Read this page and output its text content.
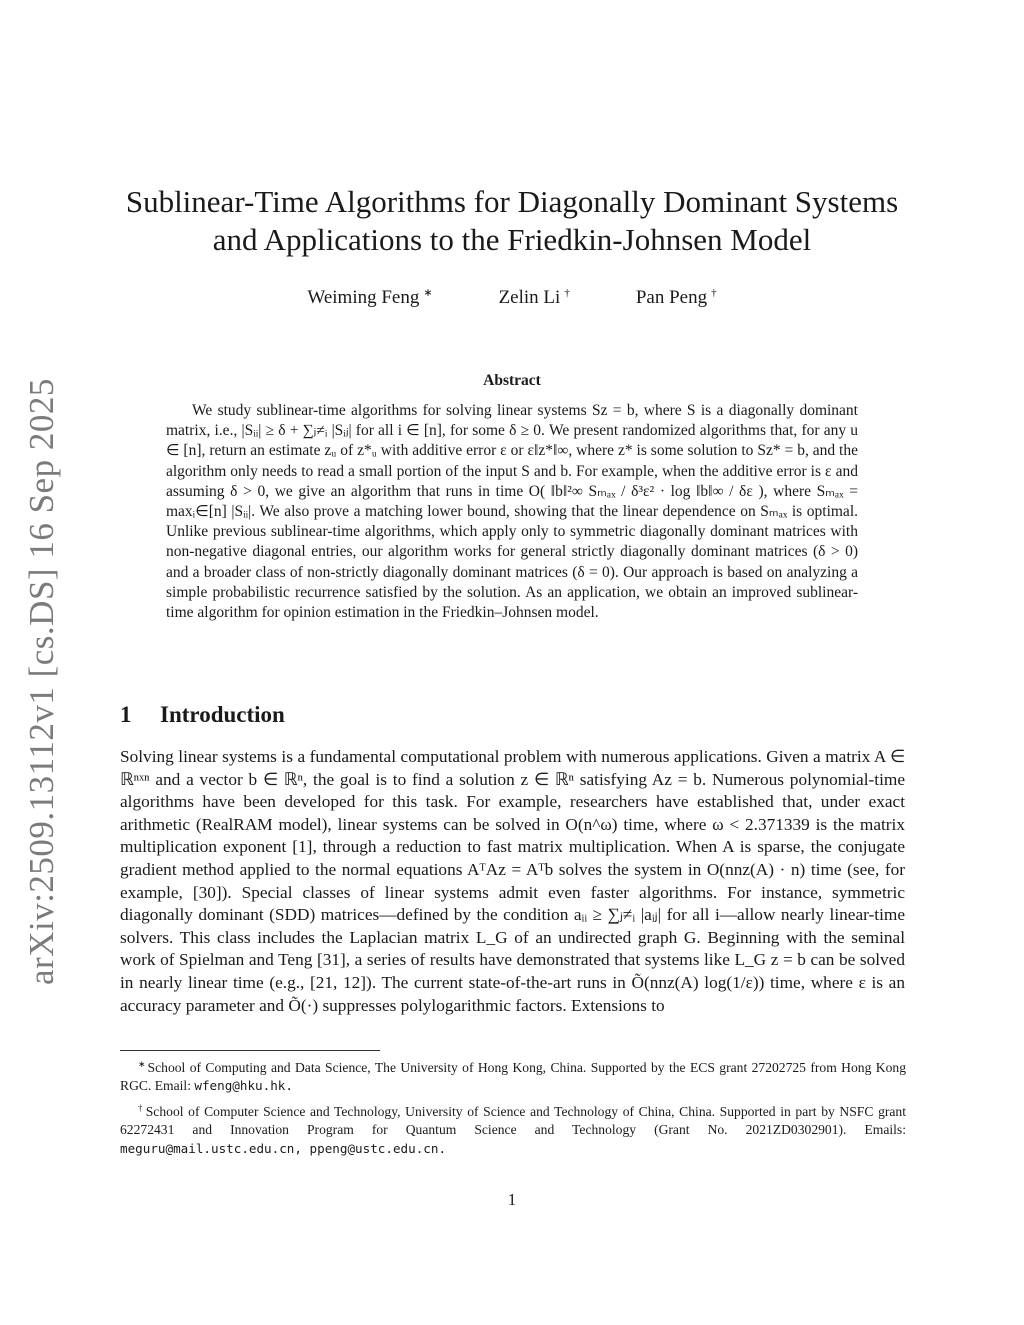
arXiv:2509.13112v1 [cs.DS] 16 Sep 2025
Sublinear-Time Algorithms for Diagonally Dominant Systems and Applications to the Friedkin-Johnsen Model
Weiming Feng ∗	Zelin Li †	Pan Peng †
Abstract

We study sublinear-time algorithms for solving linear systems Sz = b, where S is a diagonally dominant matrix, i.e., |Sᵢᵢ| ≥ δ + ∑ⱼ≠ᵢ |Sᵢⱼ| for all i ∈ [n], for some δ ≥ 0. We present randomized algorithms that, for any u ∈ [n], return an estimate zᵤ of z*ᵤ with additive error ε or ε‖z*‖∞, where z* is some solution to Sz* = b, and the algorithm only needs to read a small portion of the input S and b. For example, when the additive error is ε and assuming δ > 0, we give an algorithm that runs in time O( ‖b‖²∞ Sₘₐₓ / δ³ε² · log ‖b‖∞ / δε ), where Sₘₐₓ = maxᵢ∈[n] |Sᵢᵢ|. We also prove a matching lower bound, showing that the linear dependence on Sₘₐₓ is optimal. Unlike previous sublinear-time algorithms, which apply only to symmetric diagonally dominant matrices with non-negative diagonal entries, our algorithm works for general strictly diagonally dominant matrices (δ > 0) and a broader class of non-strictly diagonally dominant matrices (δ = 0). Our approach is based on analyzing a simple probabilistic recurrence satisfied by the solution. As an application, we obtain an improved sublinear-time algorithm for opinion estimation in the Friedkin–Johnsen model.

1 Introduction

Solving linear systems is a fundamental computational problem with numerous applications. Given a matrix A ∈ ℝⁿˣⁿ and a vector b ∈ ℝⁿ, the goal is to find a solution z ∈ ℝⁿ satisfying Az = b. Numerous polynomial-time algorithms have been developed for this task. For example, researchers have established that, under exact arithmetic (RealRAM model), linear systems can be solved in O(n^ω) time, where ω < 2.371339 is the matrix multiplication exponent [1], through a reduction to fast matrix multiplication. When A is sparse, the conjugate gradient method applied to the normal equations AᵀAz = Aᵀb solves the system in O(nnz(A) · n) time (see, for example, [30]). Special classes of linear systems admit even faster algorithms. For instance, symmetric diagonally dominant (SDD) matrices—defined by the condition aᵢᵢ ≥ ∑ⱼ≠ᵢ |aᵢⱼ| for all i—allow nearly linear-time solvers. This class includes the Laplacian matrix L_G of an undirected graph G. Beginning with the seminal work of Spielman and Teng [31], a series of results have demonstrated that systems like L_G z = b can be solved in nearly linear time (e.g., [21, 12]). The current state-of-the-art runs in Õ(nnz(A) log(1/ε)) time, where ε is an accuracy parameter and Õ(·) suppresses polylogarithmic factors. Extensions to

∗ School of Computing and Data Science, The University of Hong Kong, China. Supported by the ECS grant 27202725 from Hong Kong RGC. Email: wfeng@hku.hk.

† School of Computer Science and Technology, University of Science and Technology of China, China. Supported in part by NSFC grant 62272431 and Innovation Program for Quantum Science and Technology (Grant No. 2021ZD0302901). Emails: meguru@mail.ustc.edu.cn, ppeng@ustc.edu.cn.

1
